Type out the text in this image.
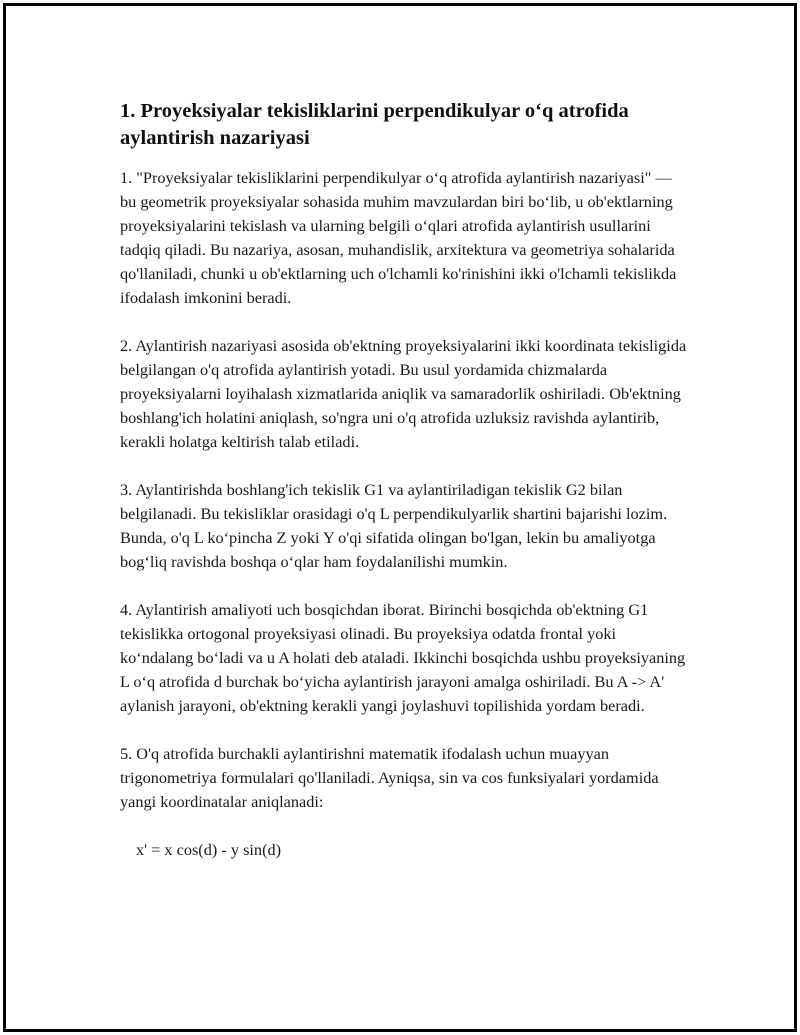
1. Proyeksiyalar tekisliklarini perpendikulyar o‘q atrofida aylantirish nazariyasi

1. "Proyeksiyalar tekisliklarini perpendikulyar o‘q atrofida aylantirish nazariyasi" — bu geometrik proyeksiyalar sohasida muhim mavzulardan biri bo‘lib, u ob'ektlarning proyeksiyalarini tekislash va ularning belgili o‘qlari atrofida aylantirish usullarini tadqiq qiladi. Bu nazariya, asosan, muhandislik, arxitektura va geometriya sohalarida qo'llaniladi, chunki u ob'ektlarning uch o'lchamli ko'rinishini ikki o'lchamli tekislikda ifodalash imkonini beradi.

2. Aylantirish nazariyasi asosida ob'ektning proyeksiyalarini ikki koordinata tekisligida belgilangan o'q atrofida aylantirish yotadi. Bu usul yordamida chizmalarda proyeksiyalarni loyihalash xizmatlarida aniqlik va samaradorlik oshiriladi. Ob'ektning boshlang'ich holatini aniqlash, so'ngra uni o'q atrofida uzluksiz ravishda aylantirib, kerakli holatga keltirish talab etiladi.

3. Aylantirishda boshlang'ich tekislik G1 va aylantiriladigan tekislik G2 bilan belgilanadi. Bu tekisliklar orasidagi o'q L perpendikulyarlik shartini bajarishi lozim. Bunda, o'q L ko‘pincha Z yoki Y o'qi sifatida olingan bo'lgan, lekin bu amaliyotga bog‘liq ravishda boshqa o‘qlar ham foydalanilishi mumkin.

4. Aylantirish amaliyoti uch bosqichdan iborat. Birinchi bosqichda ob'ektning G1 tekislikka ortogonal proyeksiyasi olinadi. Bu proyeksiya odatda frontal yoki ko‘ndalang bo‘ladi va u A holati deb ataladi. Ikkinchi bosqichda ushbu proyeksiyaning L o‘q atrofida d burchak bo‘yicha aylantirish jarayoni amalga oshiriladi. Bu A -> A' aylanish jarayoni, ob'ektning kerakli yangi joylashuvi topilishida yordam beradi.

5. O'q atrofida burchakli aylantirishni matematik ifodalash uchun muayyan trigonometriya formulalari qo'llaniladi. Ayniqsa, sin va cos funksiyalari yordamida yangi koordinatalar aniqlanadi:

x' = x cos(d) - y sin(d)
